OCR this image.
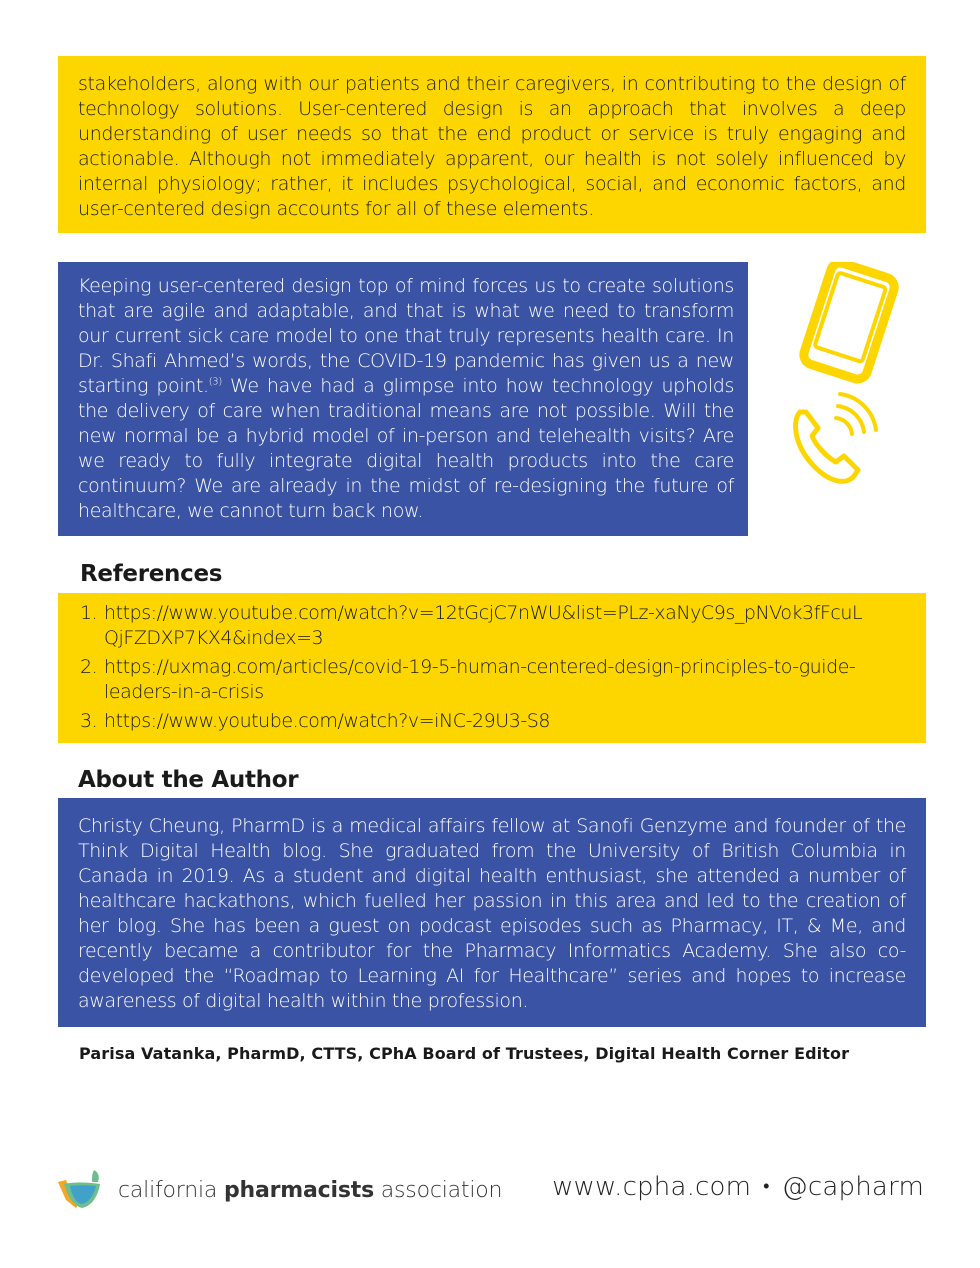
stakeholders, along with our patients and their caregivers, in contributing to the design of technology solutions. User-centered design is an approach that involves a deep understanding of user needs so that the end product or service is truly engaging and actionable. Although not immediately apparent, our health is not solely influenced by internal physiology; rather, it includes psychological, social, and economic factors, and user-centered design accounts for all of these elements.

Keeping user-centered design top of mind forces us to create solutions that are agile and adaptable, and that is what we need to transform our current sick care model to one that truly represents health care. In Dr. Shafi Ahmed’s words, the COVID-19 pandemic has given us a new starting point.$^{(3)}$ We have had a glimpse into how technology upholds the delivery of care when traditional means are not possible. Will the new normal be a hybrid model of in-person and telehealth visits? Are we ready to fully integrate digital health products into the care continuum? We are already in the midst of re-designing the future of healthcare, we cannot turn back now.

References
1. https://www.youtube.com/watch?v=12tGcjC7nWU&list=PLz-xaNyC9s_pNVok3fFcuLQjFZDXP7KX4&index=3
2. https://uxmag.com/articles/covid-19-5-human-centered-design-principles-to-guide-leaders-in-a-crisis
3. https://www.youtube.com/watch?v=iNC-29U3-S8
About the Author

Christy Cheung, PharmD is a medical affairs fellow at Sanofi Genzyme and founder of the Think Digital Health blog. She graduated from the University of British Columbia in Canada in 2019. As a student and digital health enthusiast, she attended a number of healthcare hackathons, which fuelled her passion in this area and led to the creation of her blog. She has been a guest on podcast episodes such as Pharmacy, IT, & Me, and recently became a contributor for the Pharmacy Informatics Academy. She also co-developed the “Roadmap to Learning AI for Healthcare” series and hopes to increase awareness of digital health within the profession.

Parisa Vatanka, PharmD, CTTS, CPhA Board of Trustees, Digital Health Corner Editor

california pharmacists association www.cpha.com • @capharm
